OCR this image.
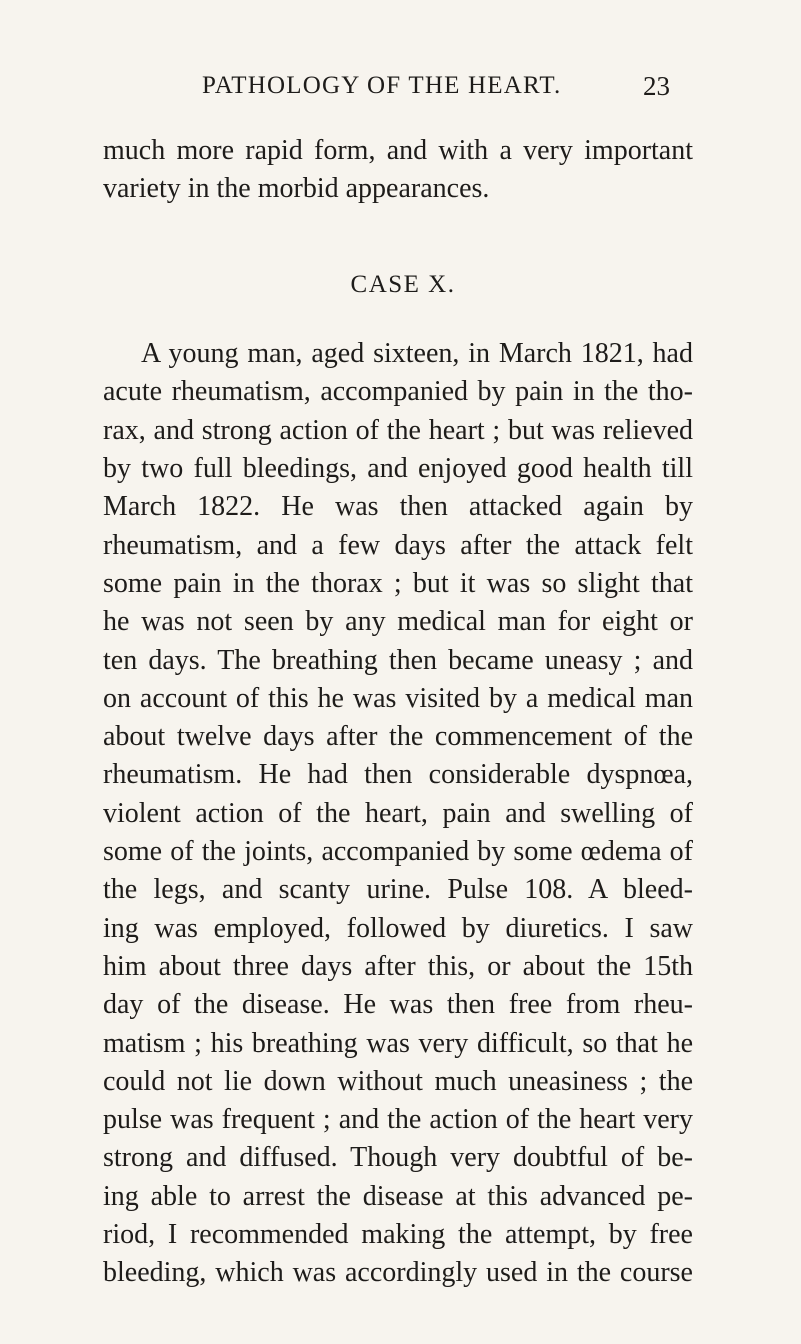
PATHOLOGY OF THE HEART.	23
much more rapid form, and with a very important
variety in the morbid appearances.
CASE X.
A young man, aged sixteen, in March 1821, had
acute rheumatism, accompanied by pain in the tho-
rax, and strong action of the heart ; but was relieved
by two full bleedings, and enjoyed good health till
March 1822. He was then attacked again by
rheumatism, and a few days after the attack felt
some pain in the thorax ; but it was so slight that
he was not seen by any medical man for eight or
ten days. The breathing then became uneasy ; and
on account of this he was visited by a medical man
about twelve days after the commencement of the
rheumatism. He had then considerable dyspnœa,
violent action of the heart, pain and swelling of
some of the joints, accompanied by some œdema of
the legs, and scanty urine. Pulse 108. A bleed-
ing was employed, followed by diuretics. I saw
him about three days after this, or about the 15th
day of the disease. He was then free from rheu-
matism ; his breathing was very difficult, so that he
could not lie down without much uneasiness ; the
pulse was frequent ; and the action of the heart very
strong and diffused. Though very doubtful of be-
ing able to arrest the disease at this advanced pe-
riod, I recommended making the attempt, by free
bleeding, which was accordingly used in the course
